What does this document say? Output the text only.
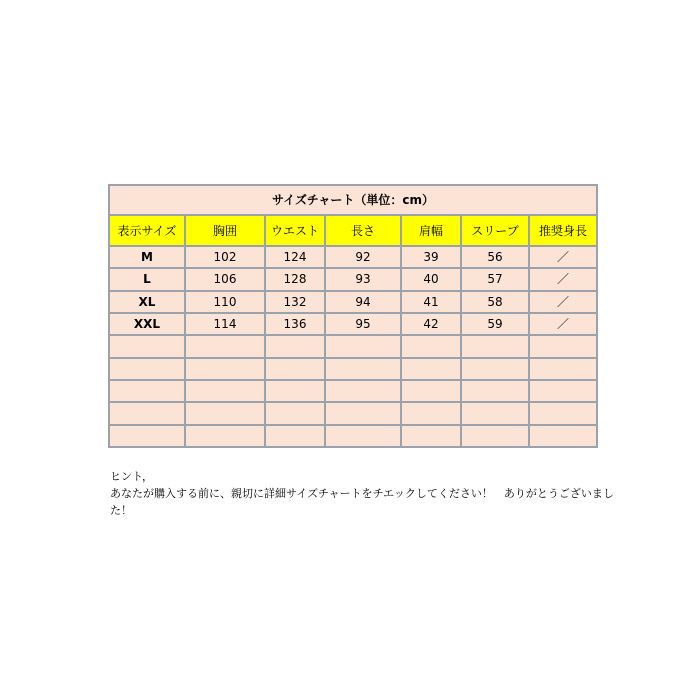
サイズチャート（単位：cm）						
表示サイズ	胸囲	ウエスト	長さ	肩幅	スリーブ	推奨身長
M	102	124	92	39	56	／
L	106	128	93	40	57	／
XL	110	132	94	41	58	／
XXL	114	136	95	42	59	／

ヒント，
あなたが購入する前に、親切に詳細サイズチャートをチエックしてください！　ありがとうございまし
た！
